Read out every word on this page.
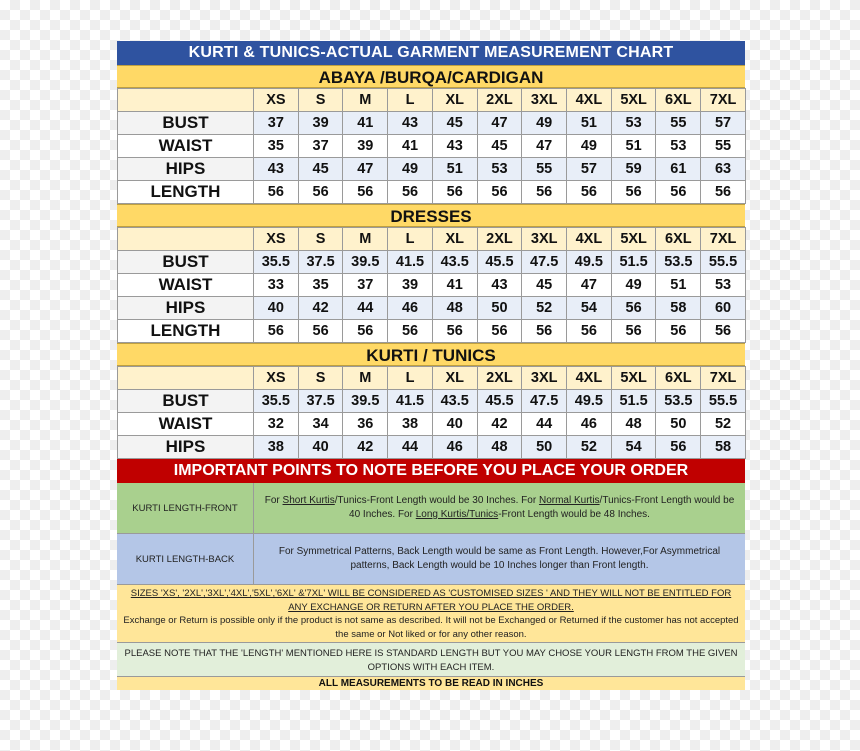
KURTI & TUNICS-ACTUAL GARMENT MEASUREMENT CHART
ABAYA /BURQA/CARDIGAN
	XS	S	M	L	XL	2XL	3XL	4XL	5XL	6XL	7XL
BUST	37	39	41	43	45	47	49	51	53	55	57
WAIST	35	37	39	41	43	45	47	49	51	53	55
HIPS	43	45	47	49	51	53	55	57	59	61	63
LENGTH	56	56	56	56	56	56	56	56	56	56	56
DRESSES
	XS	S	M	L	XL	2XL	3XL	4XL	5XL	6XL	7XL
BUST	35.5	37.5	39.5	41.5	43.5	45.5	47.5	49.5	51.5	53.5	55.5
WAIST	33	35	37	39	41	43	45	47	49	51	53
HIPS	40	42	44	46	48	50	52	54	56	58	60
LENGTH	56	56	56	56	56	56	56	56	56	56	56
KURTI / TUNICS
	XS	S	M	L	XL	2XL	3XL	4XL	5XL	6XL	7XL
BUST	35.5	37.5	39.5	41.5	43.5	45.5	47.5	49.5	51.5	53.5	55.5
WAIST	32	34	36	38	40	42	44	46	48	50	52
HIPS	38	40	42	44	46	48	50	52	54	56	58
IMPORTANT POINTS TO NOTE BEFORE YOU PLACE YOUR ORDER
KURTI LENGTH-FRONT
For Short Kurtis/Tunics-Front Length would be 30 Inches. For Normal Kurtis/Tunics-Front Length would be 40 Inches. For Long Kurtis/Tunics-Front Length would be 48 Inches.
KURTI LENGTH-BACK
For Symmetrical Patterns, Back Length would be same as Front Length. However,For Asymmetrical patterns, Back Length would be 10 Inches longer than Front length.
SIZES 'XS', '2XL','3XL','4XL','5XL','6XL' &'7XL' WILL BE CONSIDERED AS 'CUSTOMISED SIZES ' AND THEY WILL NOT BE ENTITLED FOR ANY EXCHANGE OR RETURN AFTER YOU PLACE THE ORDER.
Exchange or Return is possible only if the product is not same as described. It will not be Exchanged or Returned if the customer has not accepted the same or Not liked or for any other reason.
PLEASE NOTE THAT THE 'LENGTH' MENTIONED HERE IS STANDARD LENGTH BUT YOU MAY CHOSE YOUR LENGTH FROM THE GIVEN OPTIONS WITH EACH ITEM.
ALL MEASUREMENTS TO BE READ IN INCHES
